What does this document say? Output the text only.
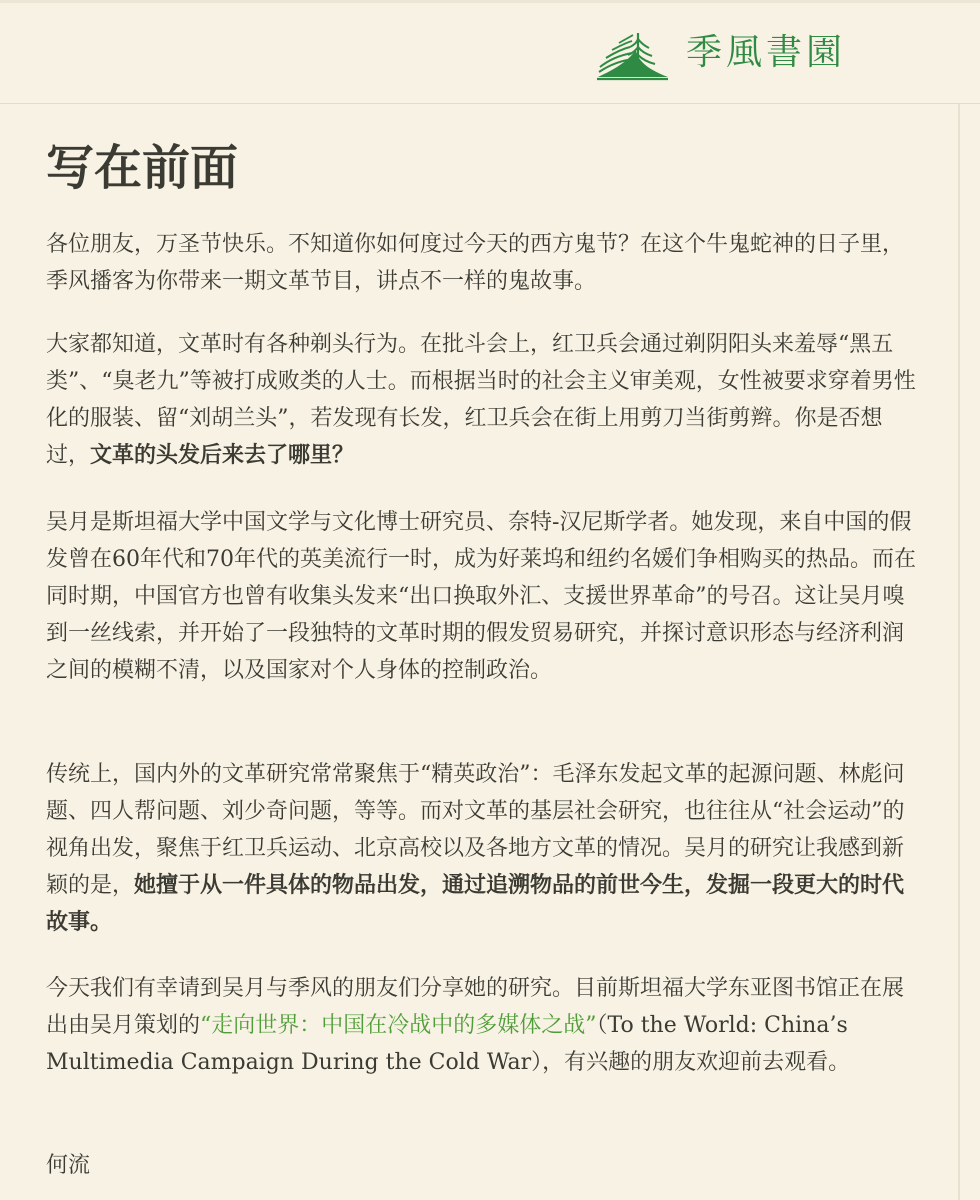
季風書園
写在前面

各位朋友，万圣节快乐。不知道你如何度过今天的西方鬼节？在这个牛鬼蛇神的日子里，季风播客为你带来一期文革节目，讲点不一样的鬼故事。

大家都知道，文革时有各种剃头行为。在批斗会上，红卫兵会通过剃阴阳头来羞辱“黑五类”、“臭老九”等被打成败类的人士。而根据当时的社会主义审美观，女性被要求穿着男性化的服装、留“刘胡兰头”，若发现有长发，红卫兵会在街上用剪刀当街剪辫。你是否想过，文革的头发后来去了哪里？

吴月是斯坦福大学中国文学与文化博士研究员、奈特-汉尼斯学者。她发现，来自中国的假发曾在60年代和70年代的英美流行一时，成为好莱坞和纽约名媛们争相购买的热品。而在同时期，中国官方也曾有收集头发来“出口换取外汇、支援世界革命”的号召。这让吴月嗅到一丝线索，并开始了一段独特的文革时期的假发贸易研究，并探讨意识形态与经济利润之间的模糊不清，以及国家对个人身体的控制政治。

传统上，国内外的文革研究常常聚焦于“精英政治”：毛泽东发起文革的起源问题、林彪问题、四人帮问题、刘少奇问题，等等。而对文革的基层社会研究，也往往从“社会运动”的视角出发，聚焦于红卫兵运动、北京高校以及各地方文革的情况。吴月的研究让我感到新颖的是，她擅于从一件具体的物品出发，通过追溯物品的前世今生，发掘一段更大的时代故事。

今天我们有幸请到吴月与季风的朋友们分享她的研究。目前斯坦福大学东亚图书馆正在展出由吴月策划的“走向世界：中国在冷战中的多媒体之战”（To the World: China’s Multimedia Campaign During the Cold War），有兴趣的朋友欢迎前去观看。

何流
